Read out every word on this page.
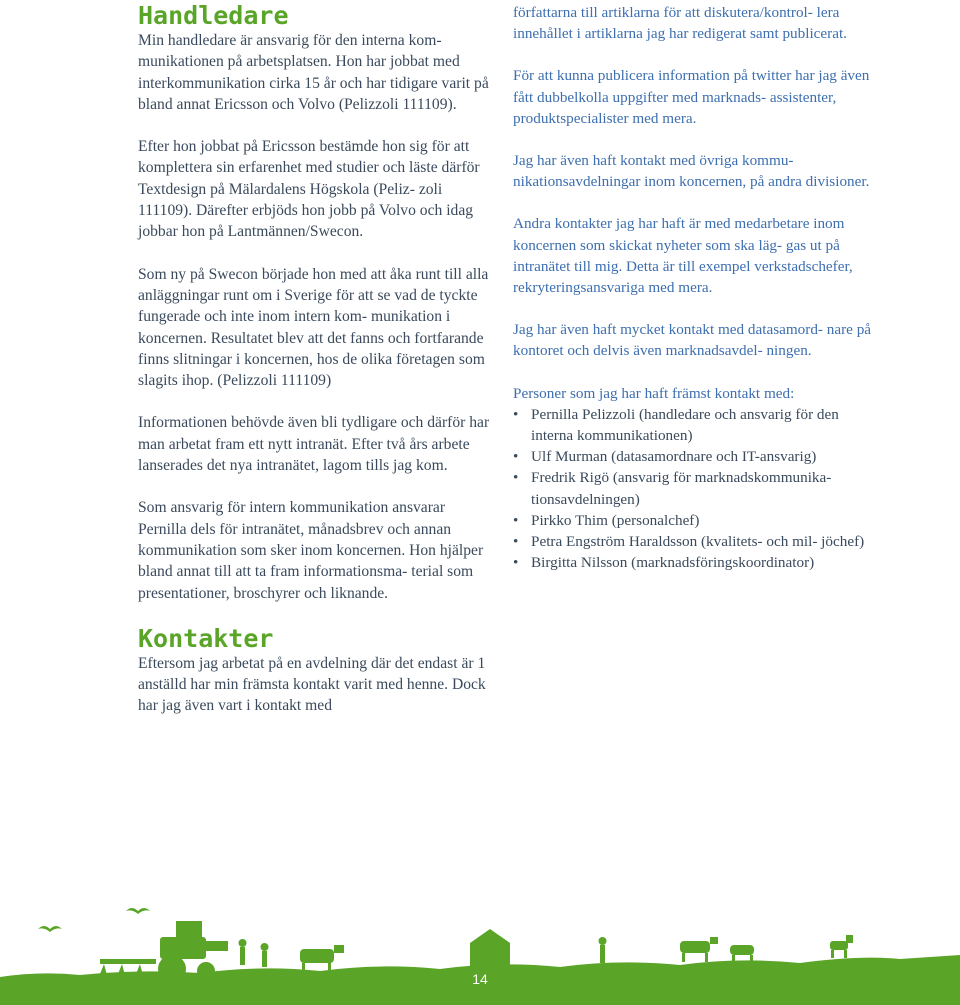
Handledare

Min handledare är ansvarig för den interna kom- munikationen på arbetsplatsen. Hon har jobbat med interkommunikation cirka 15 år och har tidigare varit på bland annat Ericsson och Volvo (Pelizzoli 111109).

Efter hon jobbat på Ericsson bestämde hon sig för att komplettera sin erfarenhet med studier och läste därför Textdesign på Mälardalens Högskola (Peliz- zoli 111109). Därefter erbjöds hon jobb på Volvo och idag jobbar hon på Lantmännen/Swecon.

Som ny på Swecon började hon med att åka runt till alla anläggningar runt om i Sverige för att se vad de tyckte fungerade och inte inom intern kom- munikation i koncernen. Resultatet blev att det fanns och fortfarande finns slitningar i koncernen, hos de olika företagen som slagits ihop. (Pelizzoli 111109)

Informationen behövde även bli tydligare och därför har man arbetat fram ett nytt intranät. Efter två års arbete lanserades det nya intranätet, lagom tills jag kom.

Som ansvarig för intern kommunikation ansvarar Pernilla dels för intranätet, månadsbrev och annan kommunikation som sker inom koncernen. Hon hjälper bland annat till att ta fram informationsma- terial som presentationer, broschyrer och liknande.

Kontakter

Eftersom jag arbetat på en avdelning där det endast är 1 anställd har min främsta kontakt varit med henne. Dock har jag även vart i kontakt med

författarna till artiklarna för att diskutera/kontrol- lera innehållet i artiklarna jag har redigerat samt publicerat.

För att kunna publicera information på twitter har jag även fått dubbelkolla uppgifter med marknads- assistenter, produktspecialister med mera.

Jag har även haft kontakt med övriga kommu- nikationsavdelningar inom koncernen, på andra divisioner.

Andra kontakter jag har haft är med medarbetare inom koncernen som skickat nyheter som ska läg- gas ut på intranätet till mig. Detta är till exempel verkstadschefer, rekryteringsansvariga med mera.

Jag har även haft mycket kontakt med datasamord- nare på kontoret och delvis även marknadsavdel- ningen.

Personer som jag har haft främst kontakt med:

• Pernilla Pelizzoli (handledare och ansvarig för den interna kommunikationen)
• Ulf Murman (datasamordnare och IT-ansvarig)
• Fredrik Rigö (ansvarig för marknadskommunika- tionsavdelningen)
• Pirkko Thim (personalchef)
• Petra Engström Haraldsson (kvalitets- och mil- jöchef)
• Birgitta Nilsson (marknadsföringskoordinator)
14
